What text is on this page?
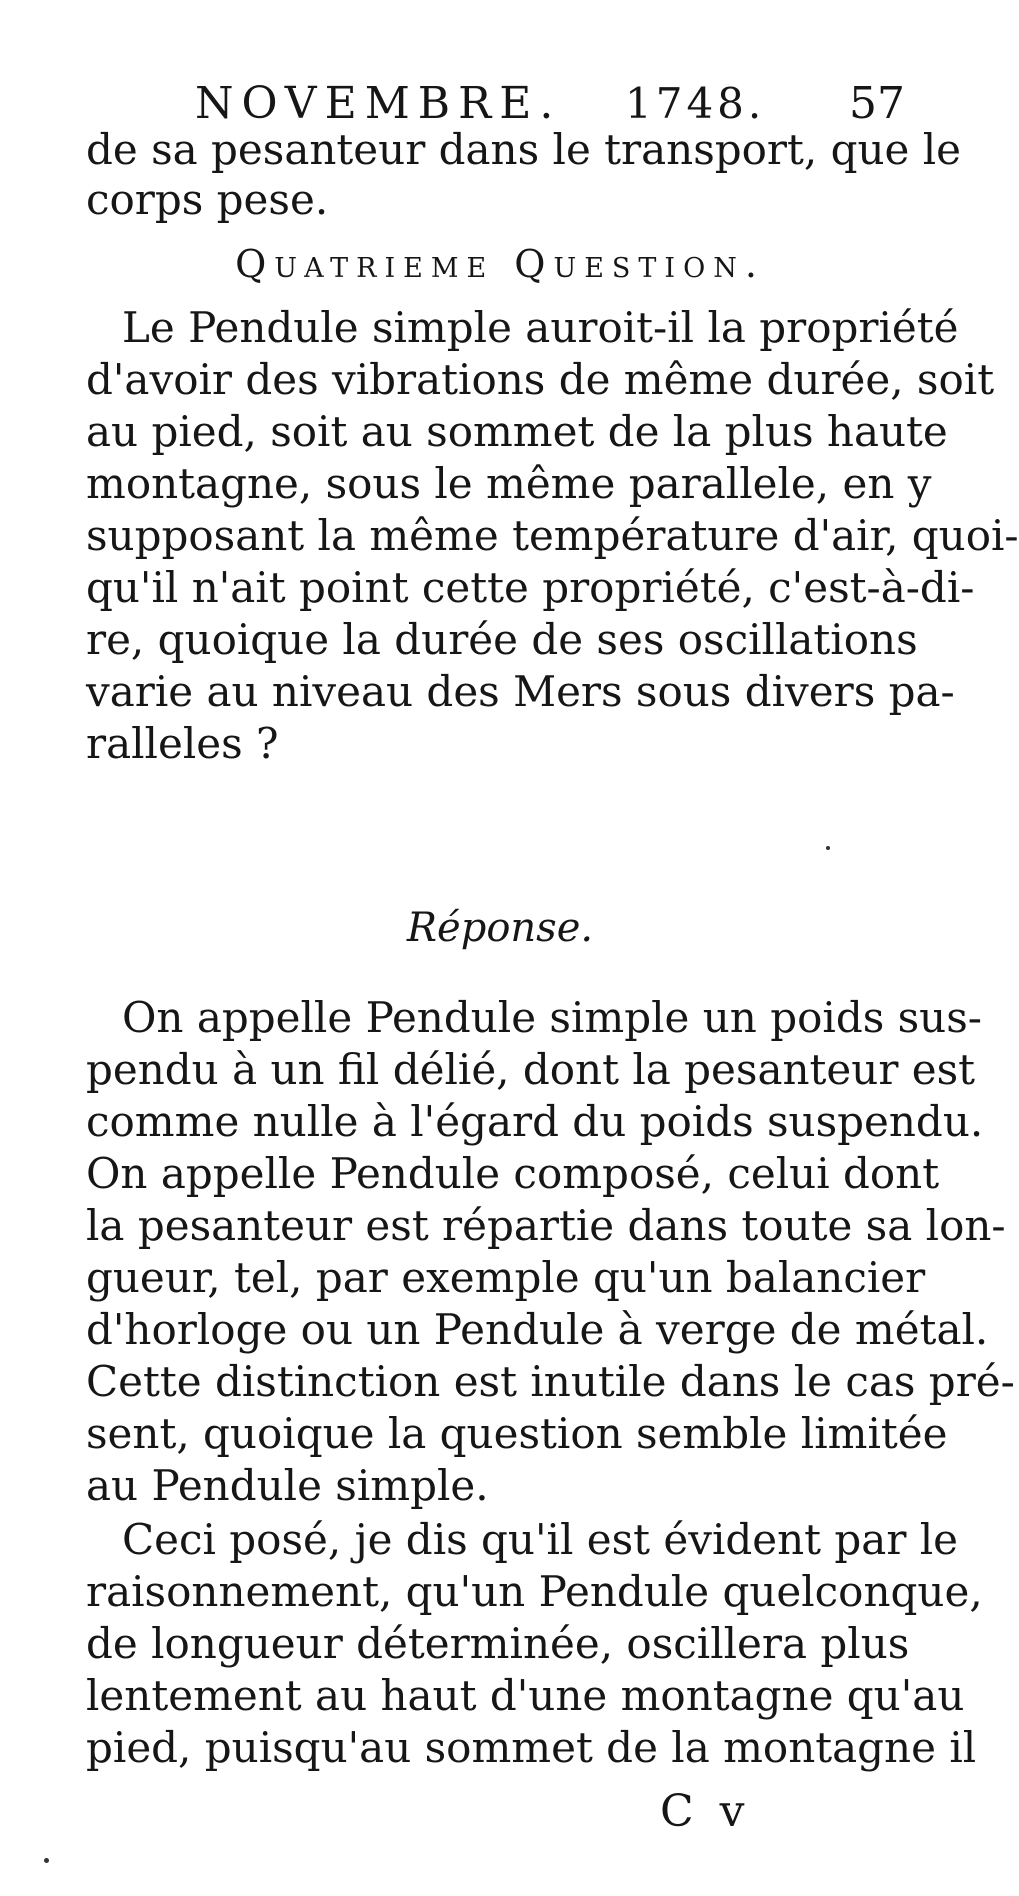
NOVEMBRE. 1748. 57
de sa pesanteur dans le transport, que le
corps pese.
Quatrieme Question.
Le Pendule simple auroit-il la propriété
d'avoir des vibrations de même durée, soit
au pied, soit au sommet de la plus haute
montagne, sous le même parallele, en y
supposant la même température d'air, quoi-
qu'il n'ait point cette propriété, c'est-à-di-
re, quoique la durée de ses oscillations
varie au niveau des Mers sous divers pa-
ralleles ?
Réponse.
On appelle Pendule simple un poids sus-
pendu à un fil délié, dont la pesanteur est
comme nulle à l'égard du poids suspendu.
On appelle Pendule composé, celui dont
la pesanteur est répartie dans toute sa lon-
gueur, tel, par exemple qu'un balancier
d'horloge ou un Pendule à verge de métal.
Cette distinction est inutile dans le cas pré-
sent, quoique la question semble limitée
au Pendule simple.
Ceci posé, je dis qu'il est évident par le
raisonnement, qu'un Pendule quelconque,
de longueur déterminée, oscillera plus
lentement au haut d'une montagne qu'au
pied, puisqu'au sommet de la montagne il
C v
